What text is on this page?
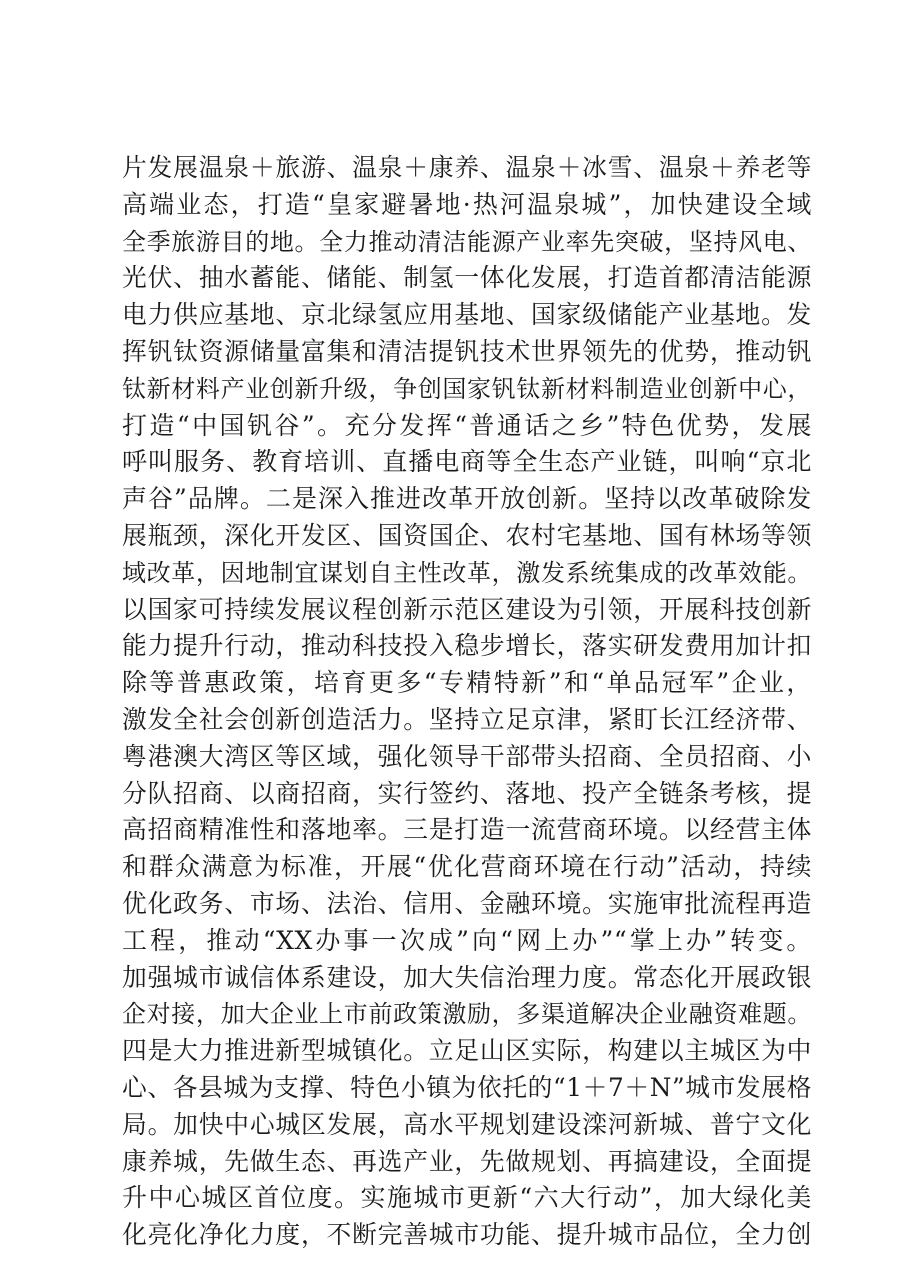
片发展温泉＋旅游、温泉＋康养、温泉＋冰雪、温泉＋养老等
高端业态，打造“皇家避暑地·热河温泉城”，加快建设全域
全季旅游目的地。全力推动清洁能源产业率先突破，坚持风电、
光伏、抽水蓄能、储能、制氢一体化发展，打造首都清洁能源
电力供应基地、京北绿氢应用基地、国家级储能产业基地。发
挥钒钛资源储量富集和清洁提钒技术世界领先的优势，推动钒
钛新材料产业创新升级，争创国家钒钛新材料制造业创新中心，
打造“中国钒谷”。充分发挥“普通话之乡”特色优势，发展
呼叫服务、教育培训、直播电商等全生态产业链，叫响“京北
声谷”品牌。二是深入推进改革开放创新。坚持以改革破除发
展瓶颈，深化开发区、国资国企、农村宅基地、国有林场等领
域改革，因地制宜谋划自主性改革，激发系统集成的改革效能。
以国家可持续发展议程创新示范区建设为引领，开展科技创新
能力提升行动，推动科技投入稳步增长，落实研发费用加计扣
除等普惠政策，培育更多“专精特新”和“单品冠军”企业，
激发全社会创新创造活力。坚持立足京津，紧盯长江经济带、
粤港澳大湾区等区域，强化领导干部带头招商、全员招商、小
分队招商、以商招商，实行签约、落地、投产全链条考核，提
高招商精准性和落地率。三是打造一流营商环境。以经营主体
和群众满意为标准，开展“优化营商环境在行动”活动，持续
优化政务、市场、法治、信用、金融环境。实施审批流程再造
工程，推动“XX办事一次成”向“网上办”“掌上办”转变。
加强城市诚信体系建设，加大失信治理力度。常态化开展政银
企对接，加大企业上市前政策激励，多渠道解决企业融资难题。
四是大力推进新型城镇化。立足山区实际，构建以主城区为中
心、各县城为支撑、特色小镇为依托的“1＋7＋N”城市发展格
局。加快中心城区发展，高水平规划建设滦河新城、普宁文化
康养城，先做生态、再选产业，先做规划、再搞建设，全面提
升中心城区首位度。实施城市更新“六大行动”，加大绿化美
化亮化净化力度，不断完善城市功能、提升城市品位，全力创
